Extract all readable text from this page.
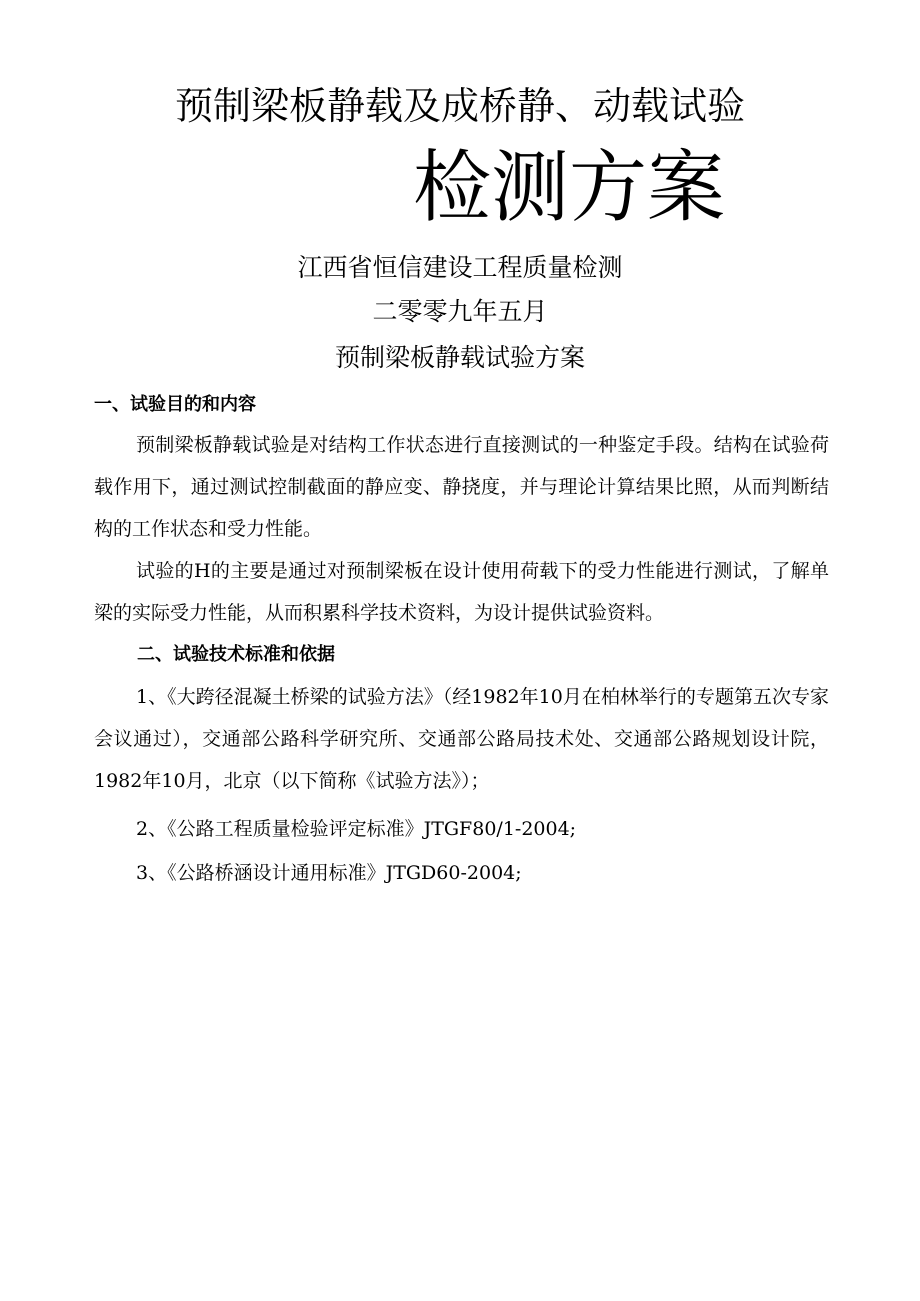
预制梁板静载及成桥静、动载试验
检测方案
江西省恒信建设工程质量检测
二零零九年五月
预制梁板静载试验方案
一、试验目的和内容

预制梁板静载试验是对结构工作状态进行直接测试的一种鉴定手段。结构在试验荷载作用下，通过测试控制截面的静应变、静挠度，并与理论计算结果比照，从而判断结构的工作状态和受力性能。

试验的H的主要是通过对预制梁板在设计使用荷载下的受力性能进行测试，了解单梁的实际受力性能，从而积累科学技术资料，为设计提供试验资料。

二、试验技术标准和依据

1、《大跨径混凝土桥梁的试验方法》（经1982年10月在柏林举行的专题第五次专家会议通过），交通部公路科学研究所、交通部公路局技术处、交通部公路规划设计院，1982年10月，北京（以下简称《试验方法》）；

2、《公路工程质量检验评定标准》JTGF80/1-2004;
3、《公路桥涵设计通用标准》JTGD60-2004;
